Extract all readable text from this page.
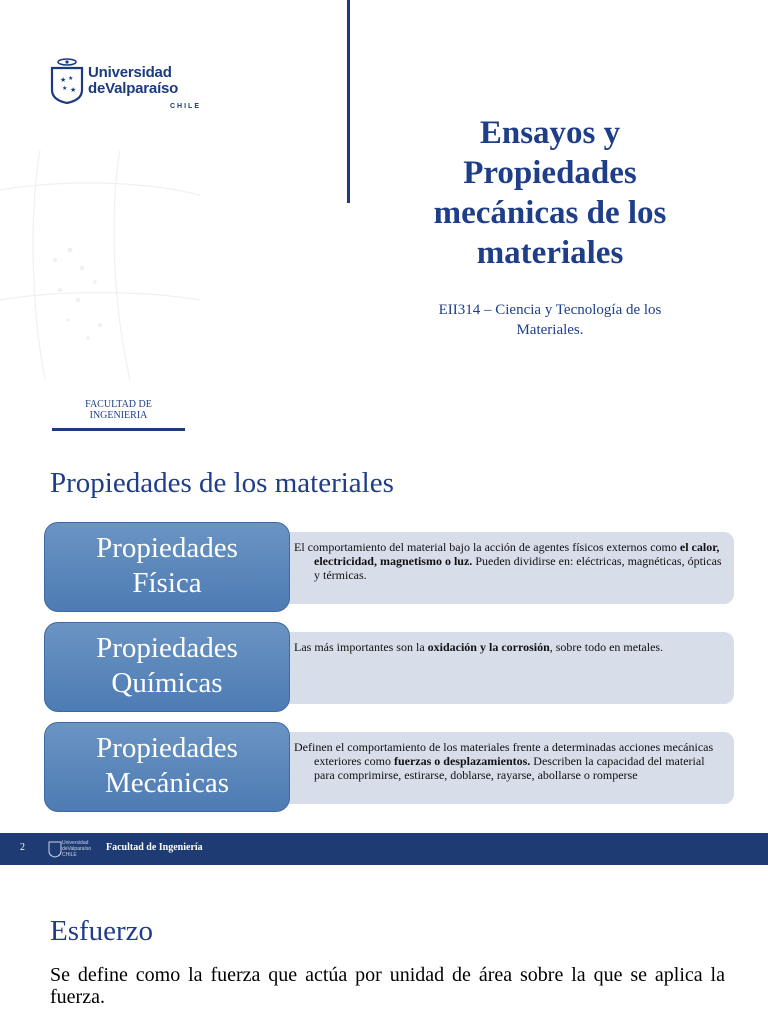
★ ★
★ ★
Universidad
deValparaíso
CHILE
Ensayos y
Propiedades
mecánicas de los
materiales
EII314 – Ciencia y Tecnología de los
Materiales.
FACULTAD DE
INGENIERIA
Propiedades de los materiales

El comportamiento del material bajo la acción de agentes físicos externos como el calor, electricidad, magnetismo o luz. Pueden dividirse en: eléctricas, magnéticas, ópticas y térmicas.

Propiedades
Física

Las más importantes son la oxidación y la corrosión, sobre todo en metales.

Propiedades
Químicas

Definen el comportamiento de los materiales frente a determinadas acciones mecánicas exteriores como fuerzas o desplazamientos. Describen la capacidad del material para comprimirse, estirarse, doblarse, rayarse, abollarse o romperse

Propiedades
Mecánicas
2	Universidad
deValparaíso
CHILE
Facultad de Ingeniería
Esfuerzo
Se define como la fuerza que actúa por unidad de área sobre la que se aplica la fuerza.
